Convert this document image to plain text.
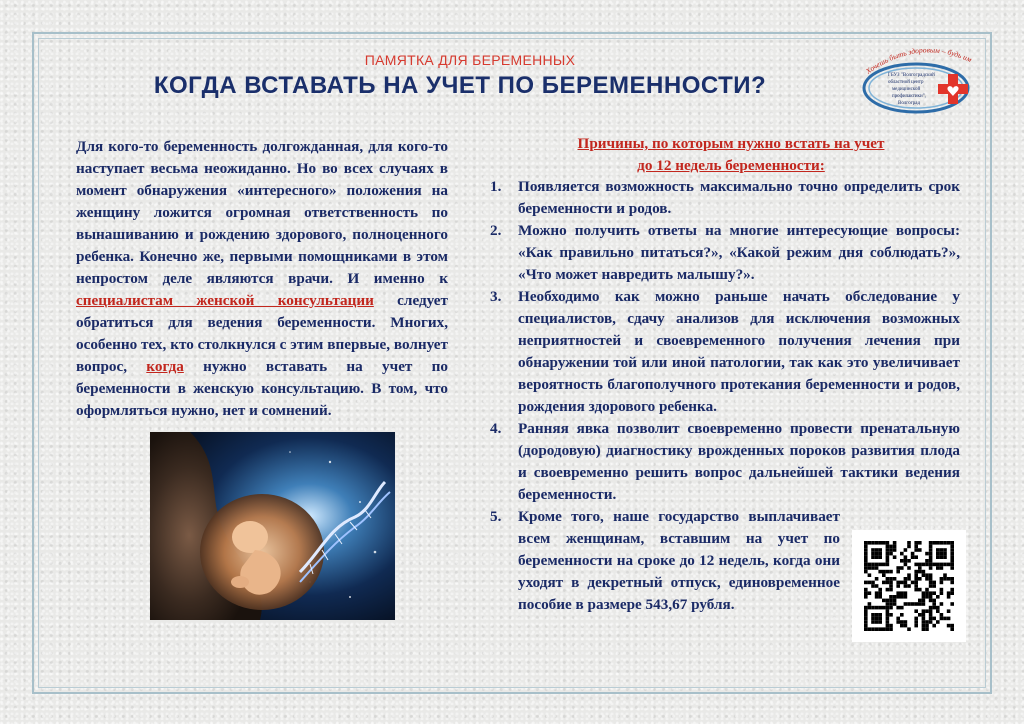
ПАМЯТКА ДЛЯ БЕРЕМЕННЫХ
КОГДА ВСТАВАТЬ НА УЧЕТ ПО БЕРЕМЕННОСТИ?
Хочешь быть здоровым – будь им
ГБУЗ "Волгоградский
областной центр
медицинской
профилактики",
Волгоград
Для кого-то беременность долгожданная, для кого-то наступает весьма неожиданно. Но во всех случаях в момент обнаружения «интересного» положения на женщину ложится огромная ответственность по вынашиванию и рождению здорового, полноценного ребенка. Конечно же, первыми помощниками в этом непростом деле являются врачи. И именно к специалистам женской консультации следует обратиться для ведения беременности. Многих, особенно тех, кто столкнулся с этим впервые, волнует вопрос, когда нужно вставать на учет по беременности в женскую консультацию. В том, что оформляться нужно, нет и сомнений.
Причины, по которым нужно встать на учет
до 12 недель беременности:
1.	Появляется возможность максимально точно определить срок беременности и родов.
2.	Можно получить ответы на многие интересующие вопросы: «Как правильно питаться?», «Какой режим дня соблюдать?», «Что может навредить малышу?».
3.	Необходимо как можно раньше начать обследование у специалистов, сдачу анализов для исключения возможных неприятностей и своевременного получения лечения при обнаружении той или иной патологии, так как это увеличивает вероятность благополучного протекания беременности и родов, рождения здорового ребенка.
4.	Ранняя явка позволит своевременно провести пренатальную (дородовую) диагностику врожденных пороков развития плода и своевременно решить вопрос дальнейшей тактики ведения беременности.
5.	Кроме того, наше государство выплачивает всем женщинам, вставшим на учет по беременности на сроке до 12 недель, когда они уходят в декретный отпуск, единовременное пособие в размере 543,67 рубля.
